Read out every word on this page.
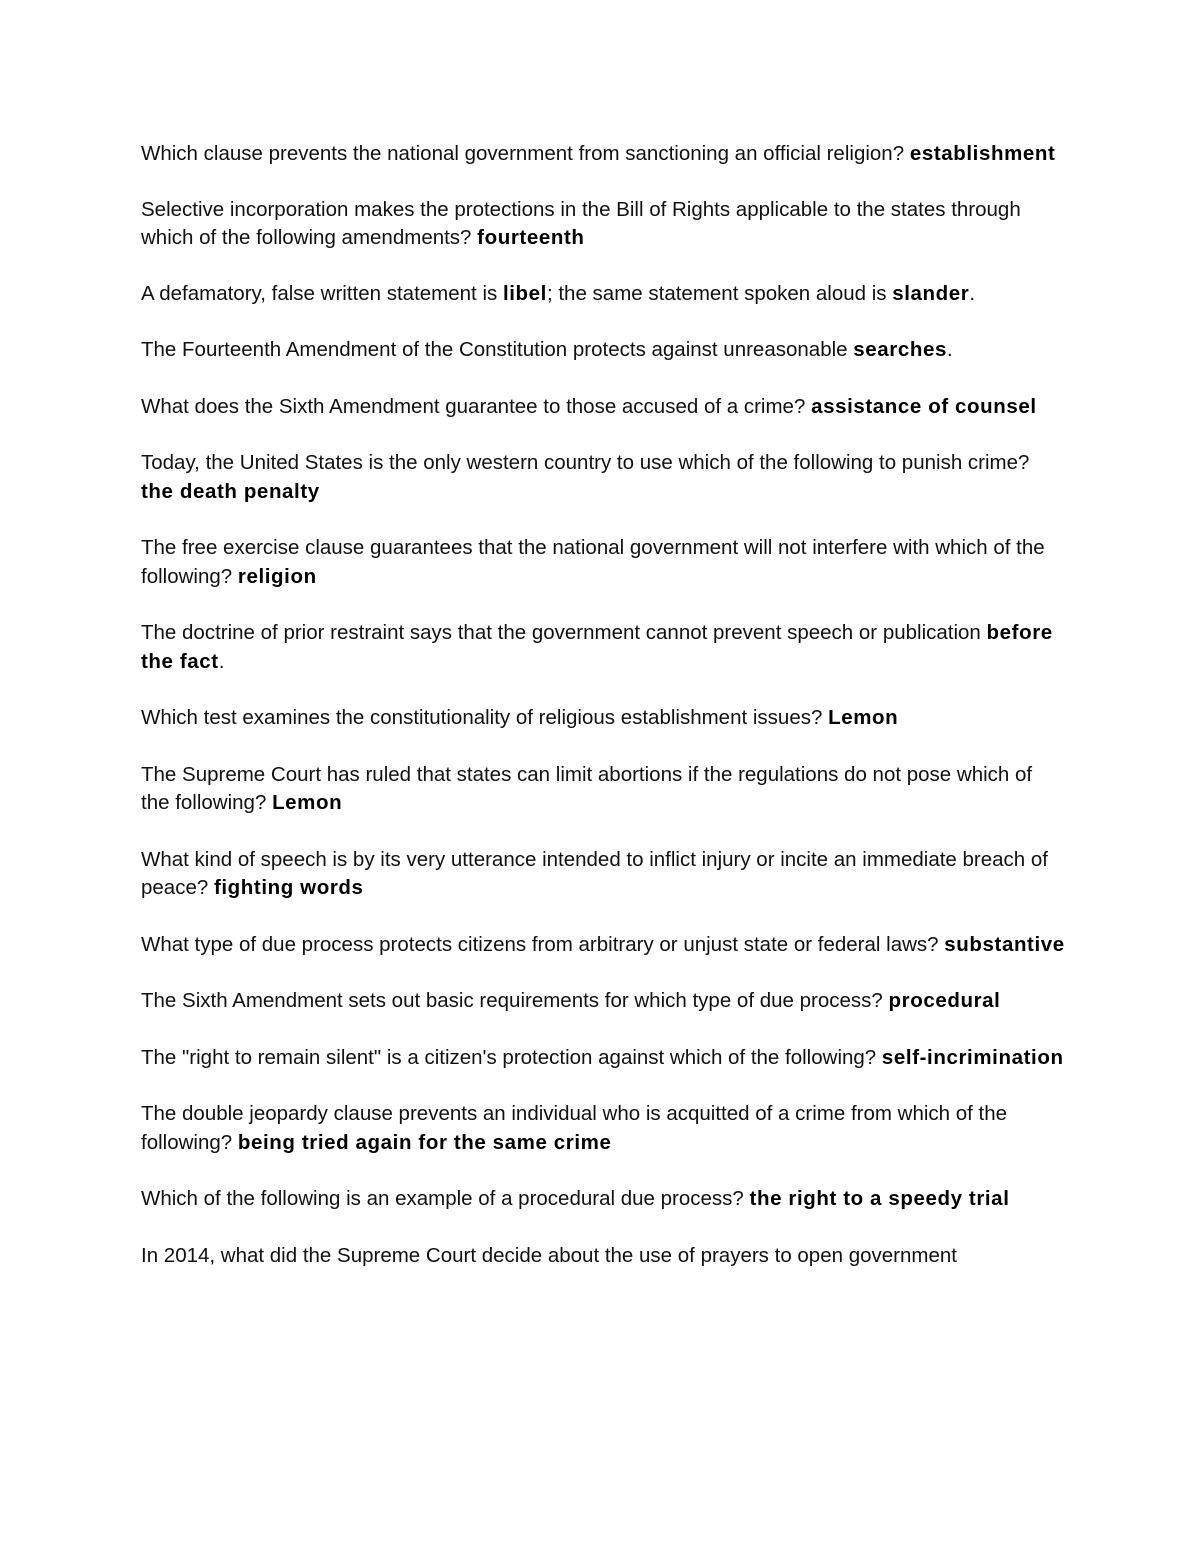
Which clause prevents the national government from sanctioning an official religion? establishment

Selective incorporation makes the protections in the Bill of Rights applicable to the states through which of the following amendments? fourteenth

A defamatory, false written statement is libel; the same statement spoken aloud is slander.

The Fourteenth Amendment of the Constitution protects against unreasonable searches.

What does the Sixth Amendment guarantee to those accused of a crime? assistance of counsel

Today, the United States is the only western country to use which of the following to punish crime? the death penalty

The free exercise clause guarantees that the national government will not interfere with which of the following? religion

The doctrine of prior restraint says that the government cannot prevent speech or publication before the fact.

Which test examines the constitutionality of religious establishment issues? Lemon

The Supreme Court has ruled that states can limit abortions if the regulations do not pose which of the following? Lemon

What kind of speech is by its very utterance intended to inflict injury or incite an immediate breach of peace? fighting words

What type of due process protects citizens from arbitrary or unjust state or federal laws? substantive

The Sixth Amendment sets out basic requirements for which type of due process? procedural

The "right to remain silent" is a citizen's protection against which of the following? self-incrimination

The double jeopardy clause prevents an individual who is acquitted of a crime from which of the following? being tried again for the same crime

Which of the following is an example of a procedural due process? the right to a speedy trial

In 2014, what did the Supreme Court decide about the use of prayers to open government
